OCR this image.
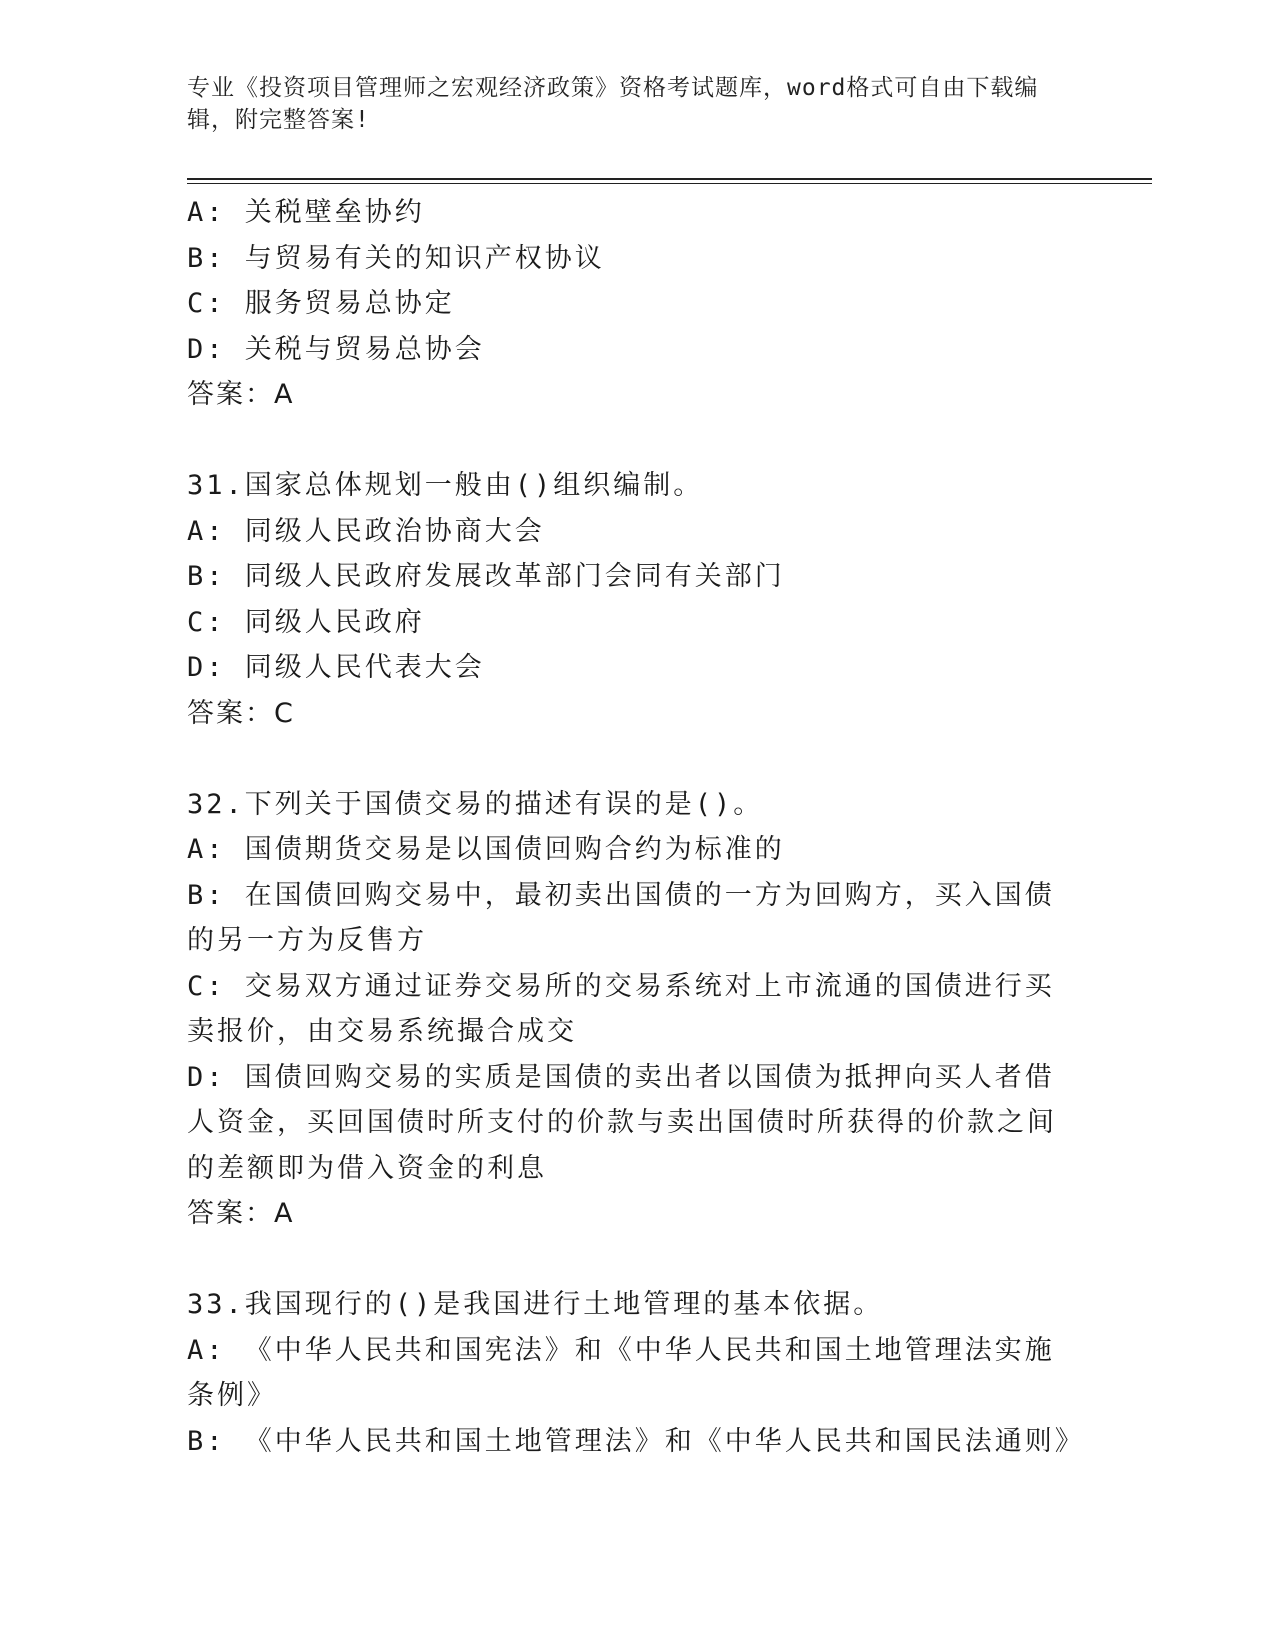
专业《投资项目管理师之宏观经济政策》资格考试题库，word格式可自由下载编辑，附完整答案!
A: 关税壁垒协约
B: 与贸易有关的知识产权协议
C: 服务贸易总协定
D: 关税与贸易总协会
答案：A
31.国家总体规划一般由()组织编制。
A: 同级人民政治协商大会
B: 同级人民政府发展改革部门会同有关部门
C: 同级人民政府
D: 同级人民代表大会
答案：C
32.下列关于国债交易的描述有误的是()。
A: 国债期货交易是以国债回购合约为标准的
B: 在国债回购交易中，最初卖出国债的一方为回购方，买入国债的另一方为反售方
C: 交易双方通过证券交易所的交易系统对上市流通的国债进行买卖报价，由交易系统撮合成交
D: 国债回购交易的实质是国债的卖出者以国债为抵押向买人者借人资金，买回国债时所支付的价款与卖出国债时所获得的价款之间的差额即为借入资金的利息
答案：A
33.我国现行的()是我国进行土地管理的基本依据。
A: 《中华人民共和国宪法》和《中华人民共和国土地管理法实施条例》
B: 《中华人民共和国土地管理法》和《中华人民共和国民法通则》
